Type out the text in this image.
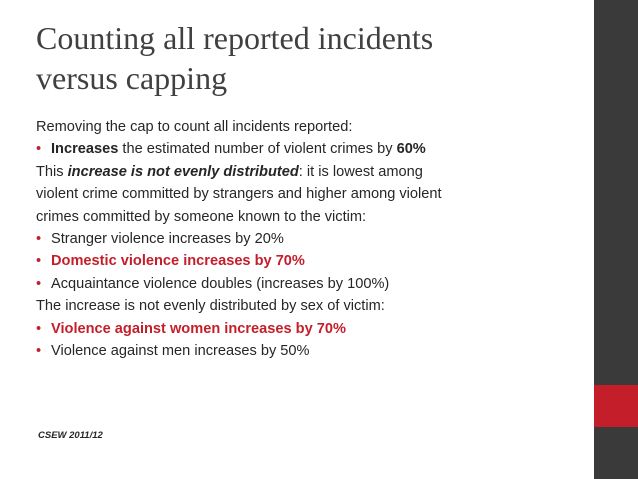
Counting all reported incidents
versus capping

Removing the cap to count all incidents reported:

• Increases the estimated number of violent crimes by 60%

This increase is not evenly distributed: it is lowest among

violent crime committed by strangers and higher among violent

crimes committed by someone known to the victim:

• Stranger violence increases by 20%

• Domestic violence increases by 70%

• Acquaintance violence doubles (increases by 100%)

The increase is not evenly distributed by sex of victim:

• Violence against women increases by 70%

• Violence against men increases by 50%

CSEW 2011/12
